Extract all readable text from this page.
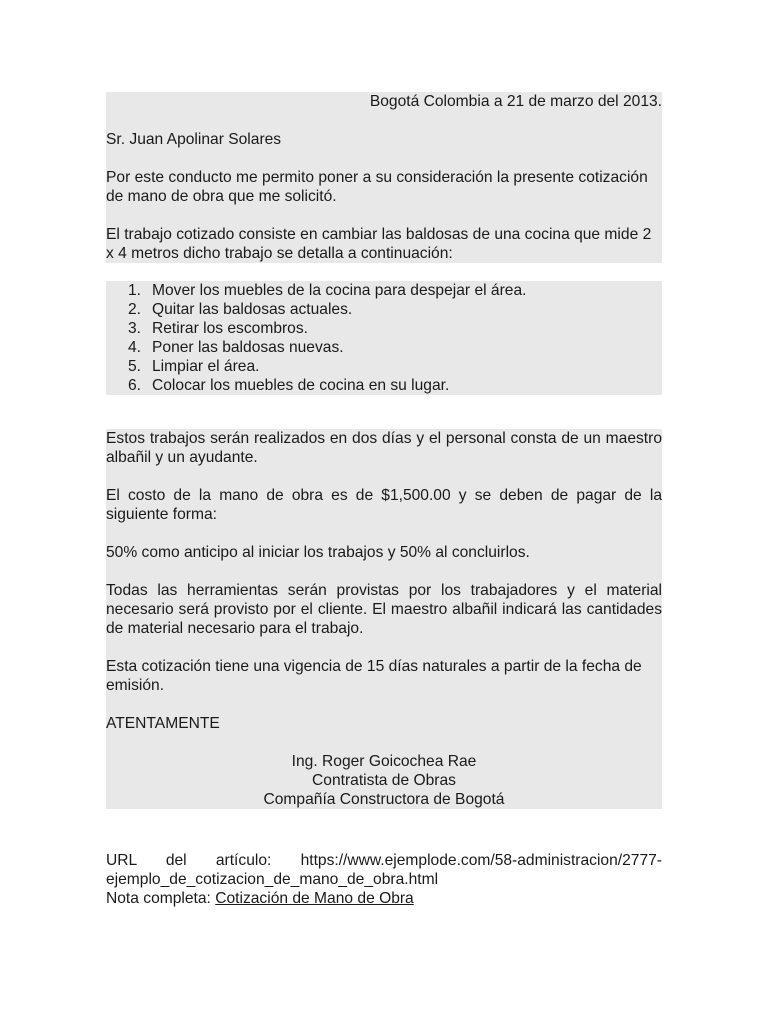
Bogotá Colombia a 21 de marzo del 2013.

Sr. Juan Apolinar Solares

Por este conducto me permito poner a su consideración la presente cotización de mano de obra que me solicitó.

El trabajo cotizado consiste en cambiar las baldosas de una cocina que mide 2 x 4 metros dicho trabajo se detalla a continuación:

1. Mover los muebles de la cocina para despejar el área.
2. Quitar las baldosas actuales.
3. Retirar los escombros.
4. Poner las baldosas nuevas.
5. Limpiar el área.
6. Colocar los muebles de cocina en su lugar.

Estos trabajos serán realizados en dos días y el personal consta de un maestro albañil y un ayudante.

El costo de la mano de obra es de $1,500.00 y se deben de pagar de la siguiente forma:

50% como anticipo al iniciar los trabajos y 50% al concluirlos.

Todas las herramientas serán provistas por los trabajadores y el material necesario será provisto por el cliente. El maestro albañil indicará las cantidades de material necesario para el trabajo.

Esta cotización tiene una vigencia de 15 días naturales a partir de la fecha de emisión.

ATENTAMENTE

Ing. Roger Goicochea Rae

Contratista de Obras

Compañía Constructora de Bogotá

URL del artículo: https://www.ejemplode.com/58-administracion/2777-

ejemplo_de_cotizacion_de_mano_de_obra.html

Nota completa: Cotización de Mano de Obra
